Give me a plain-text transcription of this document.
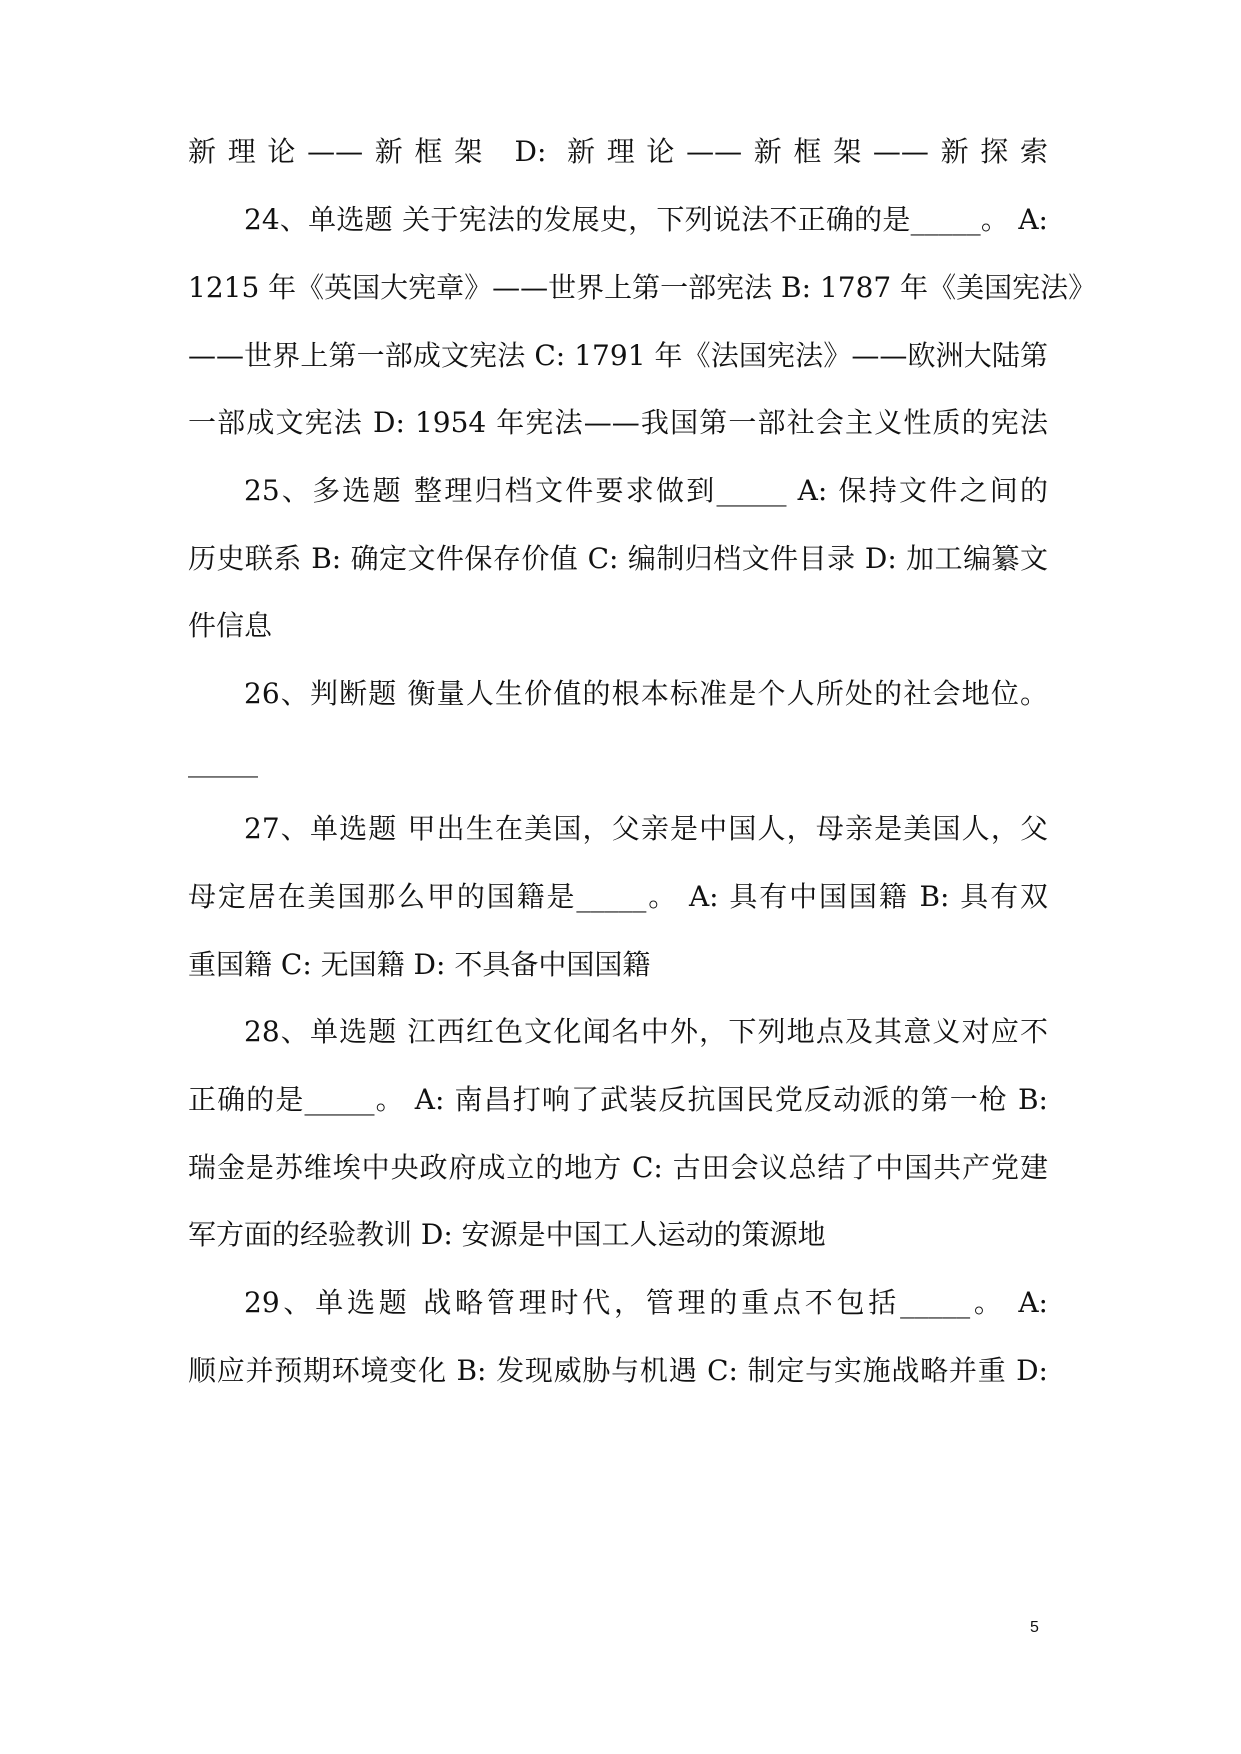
新理论——新框架 D: 新理论——新框架——新探索
24、单选题 关于宪法的发展史，下列说法不正确的是_____。 A:
1215 年《英国大宪章》——世界上第一部宪法 B: 1787 年《美国宪法》
——世界上第一部成文宪法 C: 1791 年《法国宪法》——欧洲大陆第
一部成文宪法 D: 1954 年宪法——我国第一部社会主义性质的宪法
25、多选题 整理归档文件要求做到_____ A: 保持文件之间的
历史联系 B: 确定文件保存价值 C: 编制归档文件目录 D: 加工编纂文
件信息
26、判断题 衡量人生价值的根本标准是个人所处的社会地位。
_____
27、单选题 甲出生在美国，父亲是中国人，母亲是美国人，父
母定居在美国那么甲的国籍是_____。 A: 具有中国国籍 B: 具有双
重国籍 C: 无国籍 D: 不具备中国国籍
28、单选题 江西红色文化闻名中外，下列地点及其意义对应不
正确的是_____。 A: 南昌打响了武装反抗国民党反动派的第一枪 B:
瑞金是苏维埃中央政府成立的地方 C: 古田会议总结了中国共产党建
军方面的经验教训 D: 安源是中国工人运动的策源地
29、单选题 战略管理时代，管理的重点不包括_____。 A:
顺应并预期环境变化 B: 发现威胁与机遇 C: 制定与实施战略并重 D:
5
